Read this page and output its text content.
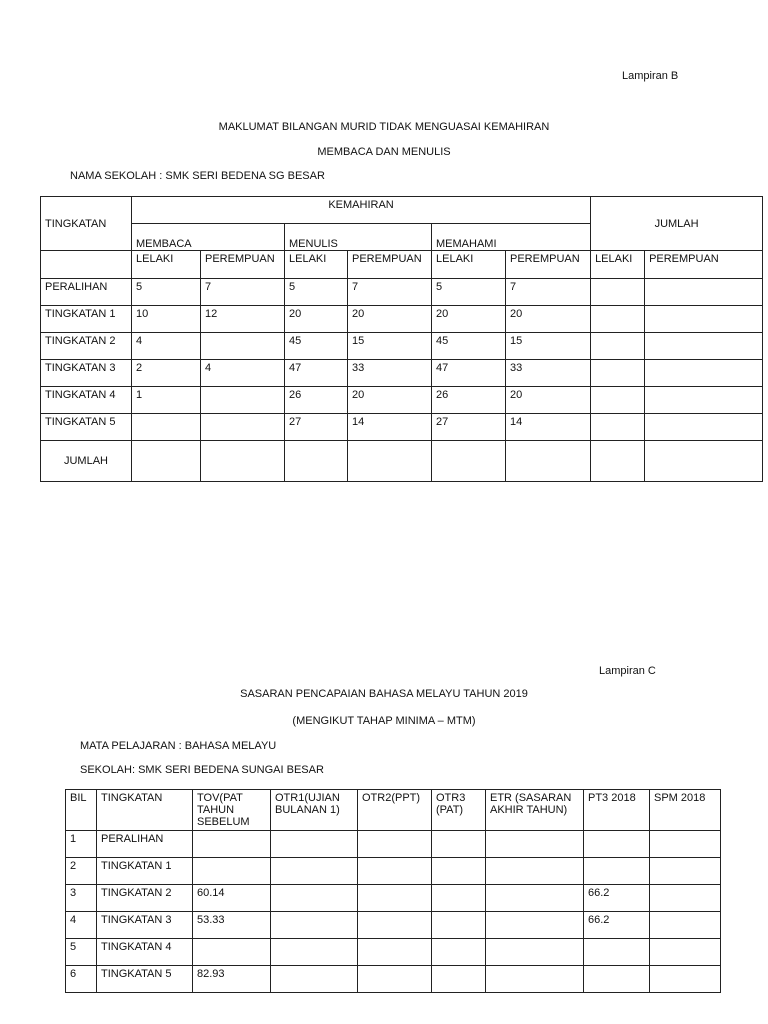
Lampiran B
MAKLUMAT BILANGAN MURID TIDAK MENGUASAI KEMAHIRAN
MEMBACA DAN MENULIS
NAMA SEKOLAH : SMK SERI BEDENA SG BESAR
TINGKATAN	KEMAHIRAN						JUMLAH	
	MEMBACA		MENULIS		MEMAHAMI			
	LELAKI	PEREMPUAN	LELAKI	PEREMPUAN	LELAKI	PEREMPUAN	LELAKI	PEREMPUAN
PERALIHAN	5	7	5	7	5	7		
TINGKATAN 1	10	12	20	20	20	20		
TINGKATAN 2	4		45	15	45	15		
TINGKATAN 3	2	4	47	33	47	33		
TINGKATAN 4	1		26	20	26	20		
TINGKATAN 5			27	14	27	14		
JUMLAH								
Lampiran C
SASARAN PENCAPAIAN BAHASA MELAYU TAHUN 2019
(MENGIKUT TAHAP MINIMA – MTM)
MATA PELAJARAN : BAHASA MELAYU
SEKOLAH: SMK SERI BEDENA SUNGAI BESAR
BIL	TINGKATAN	TOV(PAT TAHUN SEBELUM	OTR1(UJIAN BULANAN 1)	OTR2(PPT)	OTR3 (PAT)	ETR (SASARAN AKHIR TAHUN)	PT3 2018	SPM 2018
1	PERALIHAN							
2	TINGKATAN 1							
3	TINGKATAN 2	60.14					66.2	
4	TINGKATAN 3	53.33					66.2	
5	TINGKATAN 4							
6	TINGKATAN 5	82.93						
